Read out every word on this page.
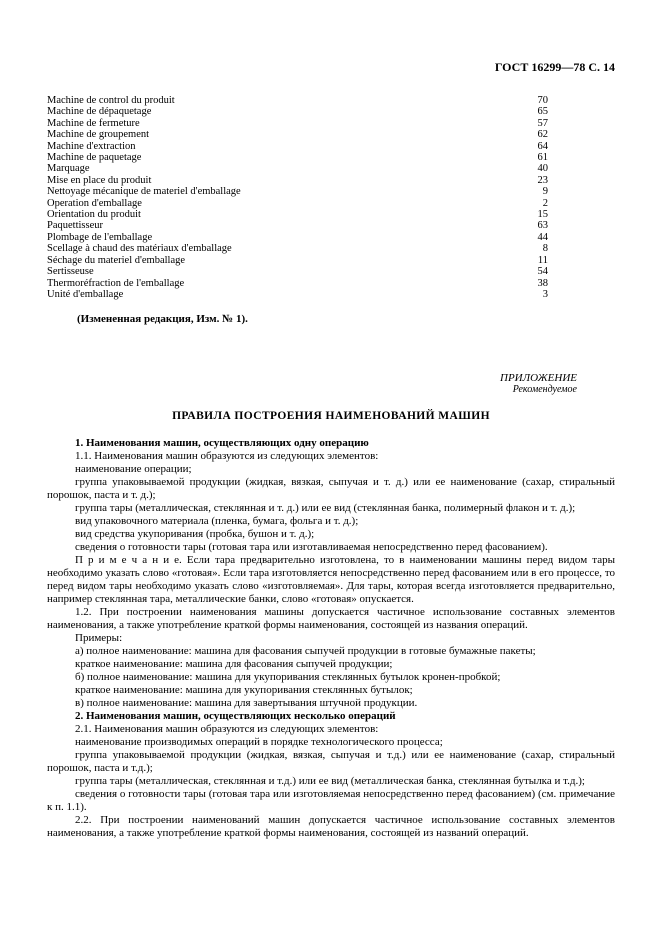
ГОСТ 16299—78 С. 14
Machine de control du produit	70
Machine de dépaquetage	65
Machine de fermeture	57
Machine de groupement	62
Machine d'extraction	64
Machine de paquetage	61
Marquage	40
Mise en place du produit	23
Nettoyage mécanique de materiel d'emballage	9
Operation d'emballage	2
Orientation du produit	15
Paquettisseur	63
Plombage de l'emballage	44
Scellage à chaud des matériaux d'emballage	8
Séchage du materiel d'emballage	11
Sertisseuse	54
Thermoréfraction de l'emballage	38
Unité d'emballage	3

(Измененная редакция, Изм. № 1).

ПРИЛОЖЕНИЕ
Рекомендуемое
ПРАВИЛА ПОСТРОЕНИЯ НАИМЕНОВАНИЙ МАШИН

1. Наименования машин, осуществляющих одну операцию

1.1. Наименования машин образуются из следующих элементов:

наименование операции;

группа упаковываемой продукции (жидкая, вязкая, сыпучая и т. д.) или ее наименование (сахар, стиральный порошок, паста и т. д.);

группа тары (металлическая, стеклянная и т. д.) или ее вид (стеклянная банка, полимерный флакон и т. д.);

вид упаковочного материала (пленка, бумага, фольга и т. д.);

вид средства укупоривания (пробка, бушон и т. д.);

сведения о готовности тары (готовая тара или изготавливаемая непосредственно перед фасованием).

П р и м е ч а н и е. Если тара предварительно изготовлена, то в наименовании машины перед видом тары необходимо указать слово «готовая». Если тара изготовляется непосредственно перед фасованием или в его процессе, то перед видом тары необходимо указать слово «изготовляемая». Для тары, которая всегда изготовляется предварительно, например стеклянная тара, металлические банки, слово «готовая» опускается.

1.2. При построении наименования машины допускается частичное использование составных элементов наименования, а также употребление краткой формы наименования, состоящей из названия операций.

Примеры:

а) полное наименование: машина для фасования сыпучей продукции в готовые бумажные пакеты;

краткое наименование: машина для фасования сыпучей продукции;

б) полное наименование: машина для укупоривания стеклянных бутылок кронен-пробкой;

краткое наименование: машина для укупоривания стеклянных бутылок;

в) полное наименование: машина для завертывания штучной продукции.

2. Наименования машин, осуществляющих несколько операций

2.1. Наименования машин образуются из следующих элементов:

наименование производимых операций в порядке технологического процесса;

группа упаковываемой продукции (жидкая, вязкая, сыпучая и т.д.) или ее наименование (сахар, стиральный порошок, паста и т.д.);

группа тары (металлическая, стеклянная и т.д.) или ее вид (металлическая банка, стеклянная бутылка и т.д.);

сведения о готовности тары (готовая тара или изготовляемая непосредственно перед фасованием) (см. примечание к п. 1.1).

2.2. При построении наименований машин допускается частичное использование составных элементов наименования, а также употребление краткой формы наименования, состоящей из названий операций.
